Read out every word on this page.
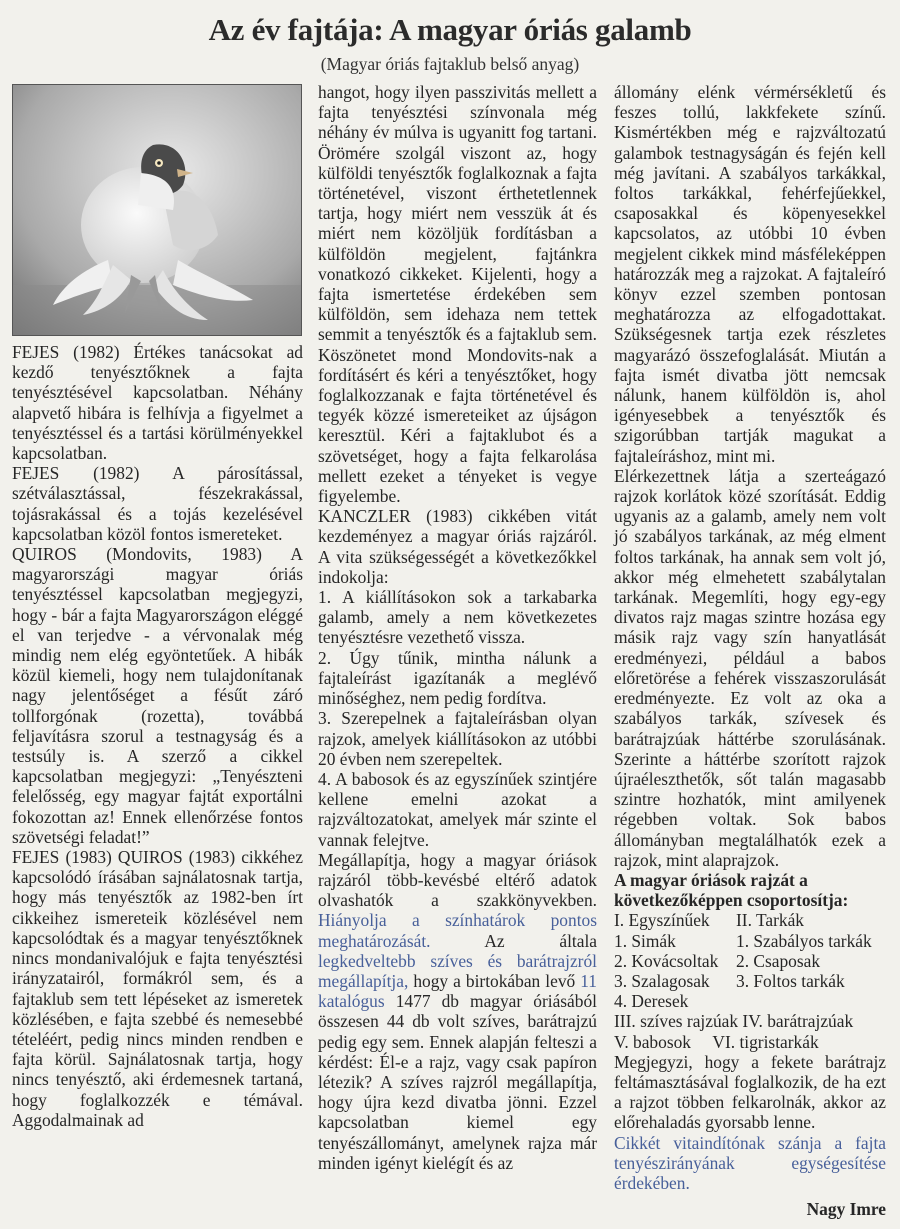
Az év fajtája: A magyar óriás galamb
(Magyar óriás fajtaklub belső anyag)

FEJES (1982) Értékes tanácsokat ad kezdő tenyésztőknek a fajta tenyésztésével kapcsolatban. Néhány alapvető hibára is felhívja a figyelmet a tenyésztéssel és a tartási körülményekkel kapcsolatban.

FEJES (1982) A párosítással, szétválasztással, fészekrakással, tojásrakással és a tojás kezelésével kapcsolatban közöl fontos ismereteket.

QUIROS (Mondovits, 1983) A magyarországi magyar óriás tenyésztéssel kapcsolatban megjegyzi, hogy - bár a fajta Magyarországon eléggé el van terjedve - a vérvonalak még mindig nem elég egyöntetűek. A hibák közül kiemeli, hogy nem tulajdonítanak nagy jelentőséget a fésűt záró tollforgónak (rozetta), továbbá feljavításra szorul a testnagyság és a testsúly is. A szerző a cikkel kapcsolatban megjegyzi: „Tenyészteni felelősség, egy magyar fajtát exportálni fokozottan az! Ennek ellenőrzése fontos szövetségi feladat!”

FEJES (1983) QUIROS (1983) cikkéhez kapcsolódó írásában sajnálatosnak tartja, hogy más tenyésztők az 1982-ben írt cikkeihez ismereteik közlésével nem kapcsolódtak és a magyar tenyésztőknek nincs mondanivalójuk e fajta tenyésztési irányzatairól, formákról sem, és a fajtaklub sem tett lépéseket az ismeretek közlésében, e fajta szebbé és nemesebbé tételéért, pedig nincs minden rendben e fajta körül. Sajnálatosnak tartja, hogy nincs tenyésztő, aki érdemesnek tartaná, hogy foglalkozzék e témával. Aggodalmainak ad

hangot, hogy ilyen passzivitás mellett a fajta tenyésztési színvonala még néhány év múlva is ugyanitt fog tartani. Örömére szolgál viszont az, hogy külföldi tenyésztők foglalkoznak a fajta történetével, viszont érthetetlennek tartja, hogy miért nem vesszük át és miért nem közöljük fordításban a külföldön megjelent, fajtánkra vonatkozó cikkeket. Kijelenti, hogy a fajta ismertetése érdekében sem külföldön, sem idehaza nem tettek semmit a tenyésztők és a fajtaklub sem. Köszönetet mond Mondovits-nak a fordításért és kéri a tenyésztőket, hogy foglalkozzanak e fajta történetével és tegyék közzé ismereteiket az újságon keresztül. Kéri a fajtaklubot és a szövetséget, hogy a fajta felkarolása mellett ezeket a tényeket is vegye figyelembe.

KANCZLER (1983) cikkében vitát kezdeményez a magyar óriás rajzáról. A vita szükségességét a következőkkel indokolja:

1. A kiállításokon sok a tarkabarka galamb, amely a nem következetes tenyésztésre vezethető vissza.

2. Úgy tűnik, mintha nálunk a fajtaleírást igazítanák a meglévő minőséghez, nem pedig fordítva.

3. Szerepelnek a fajtaleírásban olyan rajzok, amelyek kiállításokon az utóbbi 20 évben nem szerepeltek.

4. A babosok és az egyszínűek szintjére kellene emelni azokat a rajzváltozatokat, amelyek már szinte el vannak felejtve.

Megállapítja, hogy a magyar óriások rajzáról több-kevésbé eltérő adatok olvashatók a szakkönyvekben. Hiányolja a színhatárok pontos meghatározását.	Az általa legkedveltebb szíves és barátrajzról megállapítja, hogy a birtokában levő 11 katalógus 1477 db magyar óriásából összesen 44 db volt szíves, barátrajzú pedig egy sem. Ennek alapján felteszi a kérdést: Él-e a rajz, vagy csak papíron létezik? A szíves rajzról megállapítja, hogy újra kezd divatba jönni. Ezzel kapcsolatban kiemel egy tenyészállományt, amelynek rajza már minden igényt kielégít és az

állomány elénk vérmérsékletű és feszes tollú, lakkfekete színű. Kismértékben még e rajzváltozatú galambok testnagyságán és fején kell még javítani. A szabályos tarkákkal, foltos tarkákkal, fehérfejűekkel, csaposakkal és köpenyesekkel kapcsolatos, az utóbbi 10 évben megjelent cikkek mind másféleképpen határozzák meg a rajzokat. A fajtaleíró könyv ezzel szemben pontosan meghatározza az elfogadottakat. Szükségesnek tartja ezek részletes magyarázó összefoglalását. Miután a fajta ismét divatba jött nemcsak nálunk, hanem külföldön is, ahol igényesebbek a tenyésztők és szigorúbban tartják magukat a fajtaleíráshoz, mint mi.

Elérkezettnek látja a szerteágazó rajzok korlátok közé szorítását. Eddig ugyanis az a galamb, amely nem volt jó szabályos tarkának, az még elment foltos tarkának, ha annak sem volt jó, akkor még elmehetett szabálytalan tarkának. Megemlíti, hogy egy-egy divatos rajz magas szintre hozása egy másik rajz vagy szín hanyatlását eredményezi, például a babos előretörése a fehérek visszaszorulását eredményezte. Ez volt az oka a szabályos tarkák, szívesek és barátrajzúak háttérbe szorulásának. Szerinte a háttérbe szorított rajzok újraéleszthetők, sőt talán magasabb szintre hozhatók, mint amilyenek régebben voltak. Sok babos állományban megtalálhatók ezek a rajzok, mint alaprajzok.

A magyar óriások rajzát a következőképpen csoportosítja:

I. Egyszínűek	II. Tarkák
1. Simák	1. Szabályos tarkák
2. Kovácsoltak	2. Csaposak
3. Szalagosak	3. Foltos tarkák
4. Deresek

III. szíves rajzúak IV. barátrajzúak

V. babosok     VI. tigristarkák

Megjegyzi, hogy a fekete barátrajz feltámasztásával foglalkozik, de ha ezt a rajzot többen felkarolnák, akkor az előrehaladás gyorsabb lenne.

Cikkét vitaindítónak szánja a fajta tenyészirányának egységesítése érdekében.

Nagy Imre
